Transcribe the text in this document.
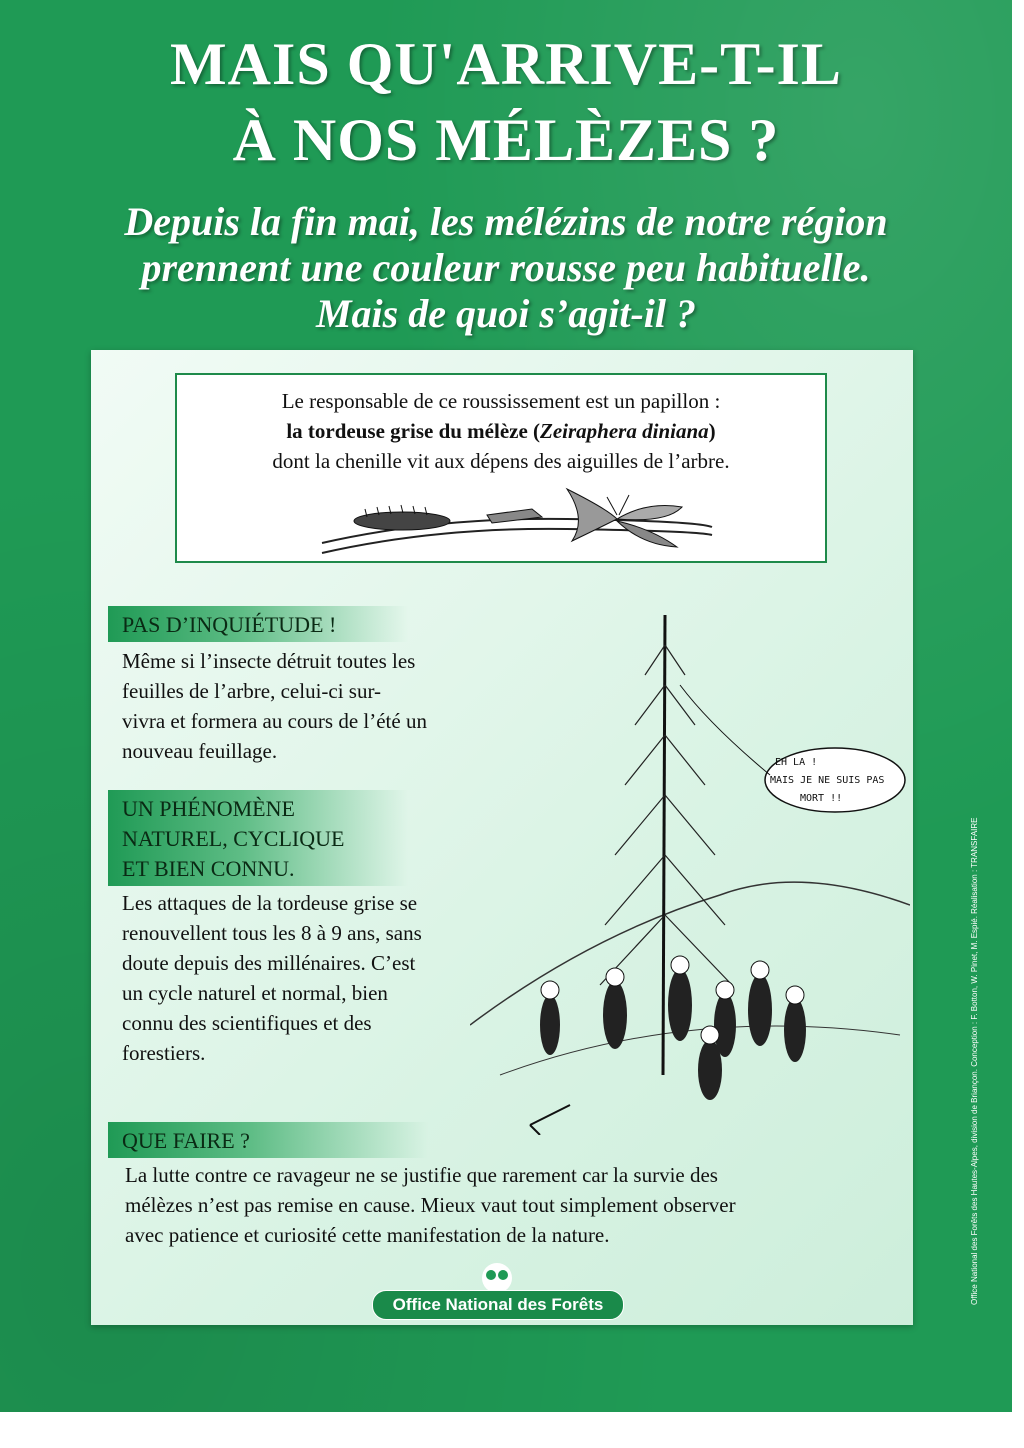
MAIS QU'ARRIVE-T-IL
À NOS MÉLÈZES ?
Depuis la fin mai, les mélézins de notre région
prennent une couleur rousse peu habituelle.
Mais de quoi s’agit-il ?
Le responsable de ce roussissement est un papillon :
la tordeuse grise du mélèze (Zeiraphera diniana)
dont la chenille vit aux dépens des aiguilles de l’arbre.
PAS D’INQUIÉTUDE !
Même si l’insecte détruit toutes les
feuilles de l’arbre, celui-ci sur-
vivra et formera au cours de l’été un
nouveau feuillage.
UN PHÉNOMÈNE
NATUREL, CYCLIQUE
ET BIEN CONNU.
Les attaques de la tordeuse grise se
renouvellent tous les 8 à 9 ans, sans
doute depuis des millénaires. C’est
un cycle naturel et normal, bien
connu des scientifiques et des
forestiers.
EH LA !
MAIS JE NE SUIS PAS
MORT !!
QUE FAIRE ?
La lutte contre ce ravageur ne se justifie que rarement car la survie des
mélèzes n’est pas remise en cause. Mieux vaut tout simplement observer
avec patience et curiosité cette manifestation de la nature.
Office National des Forêts	Office National des Forêts des Hautes-Alpes, division de Briançon. Conception : F. Botton, W. Pinet, M. Espié. Réalisation : TRANSFAIRE
